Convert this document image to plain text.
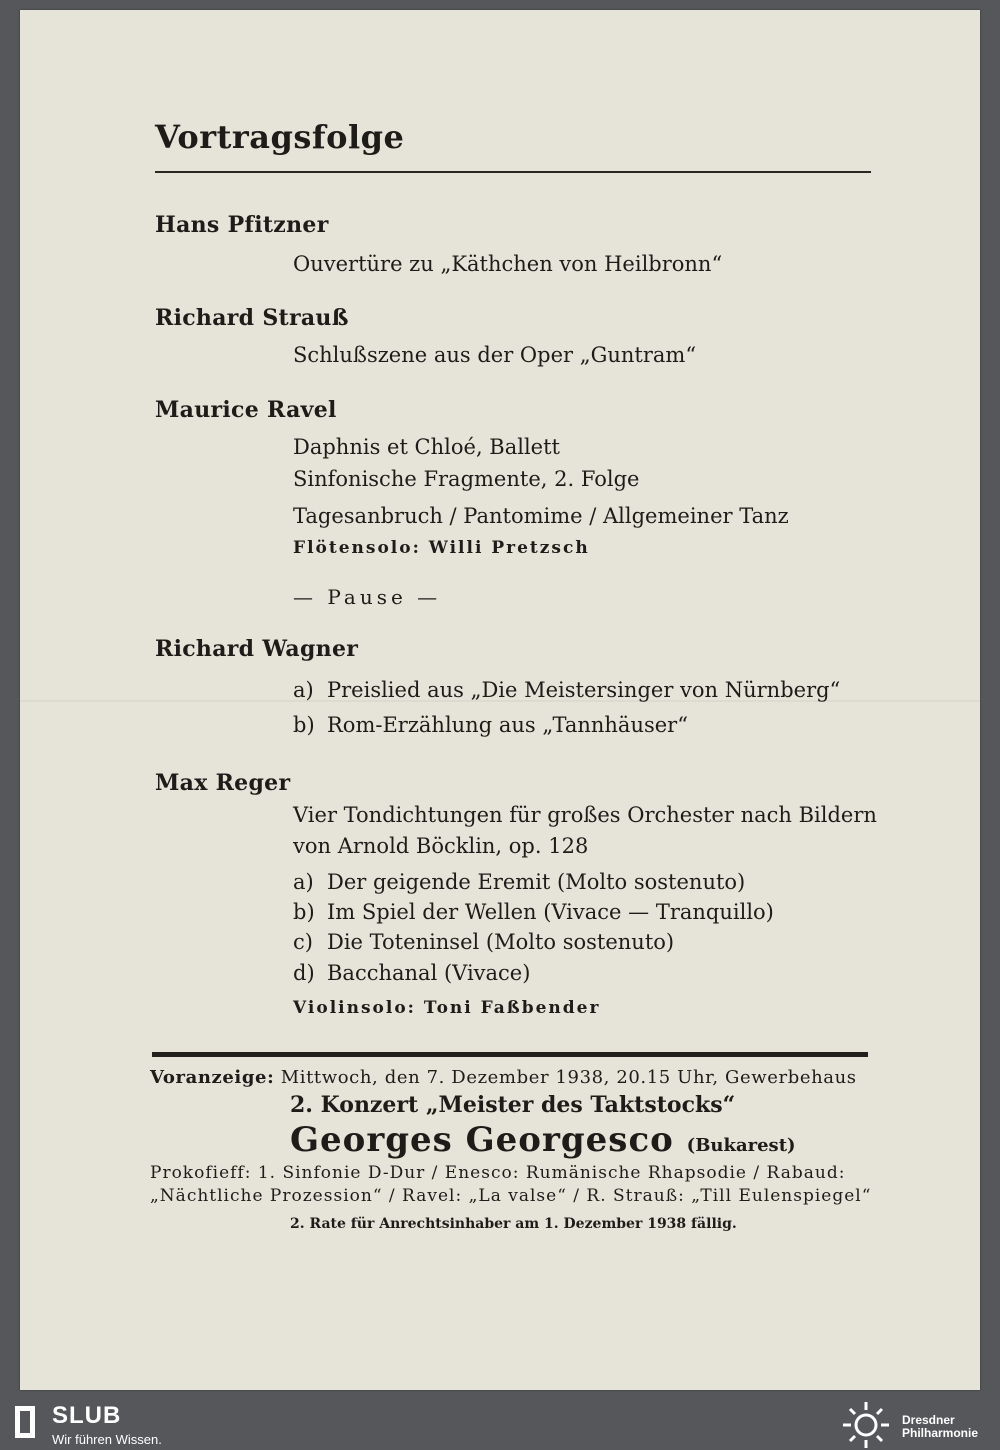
Vortragsfolge
Hans Pfitzner
Ouvertüre zu „Käthchen von Heilbronn“
Richard Strauß
Schlußszene aus der Oper „Guntram“
Maurice Ravel
Daphnis et Chloé, Ballett
Sinfonische Fragmente, 2. Folge
Tagesanbruch / Pantomime / Allgemeiner Tanz
Flötensolo: Willi Pretzsch
— Pause —
Richard Wagner
a) Preislied aus „Die Meistersinger von Nürnberg“
b) Rom-Erzählung aus „Tannhäuser“
Max Reger
Vier Tondichtungen für großes Orchester nach Bildern
von Arnold Böcklin, op. 128
a) Der geigende Eremit (Molto sostenuto)
b) Im Spiel der Wellen (Vivace — Tranquillo)
c) Die Toteninsel (Molto sostenuto)
d) Bacchanal (Vivace)
Violinsolo: Toni Faßbender
Voranzeige: Mittwoch, den 7. Dezember 1938, 20.15 Uhr, Gewerbehaus
2. Konzert „Meister des Taktstocks“
Georges Georgesco (Bukarest)
Prokofieff: 1. Sinfonie D-Dur / Enesco: Rumänische Rhapsodie / Rabaud:
„Nächtliche Prozession“ / Ravel: „La valse“ / R. Strauß: „Till Eulenspiegel“
2. Rate für Anrechtsinhaber am 1. Dezember 1938 fällig.
SLUB
Wir führen Wissen.
Dresdner
Philharmonie
